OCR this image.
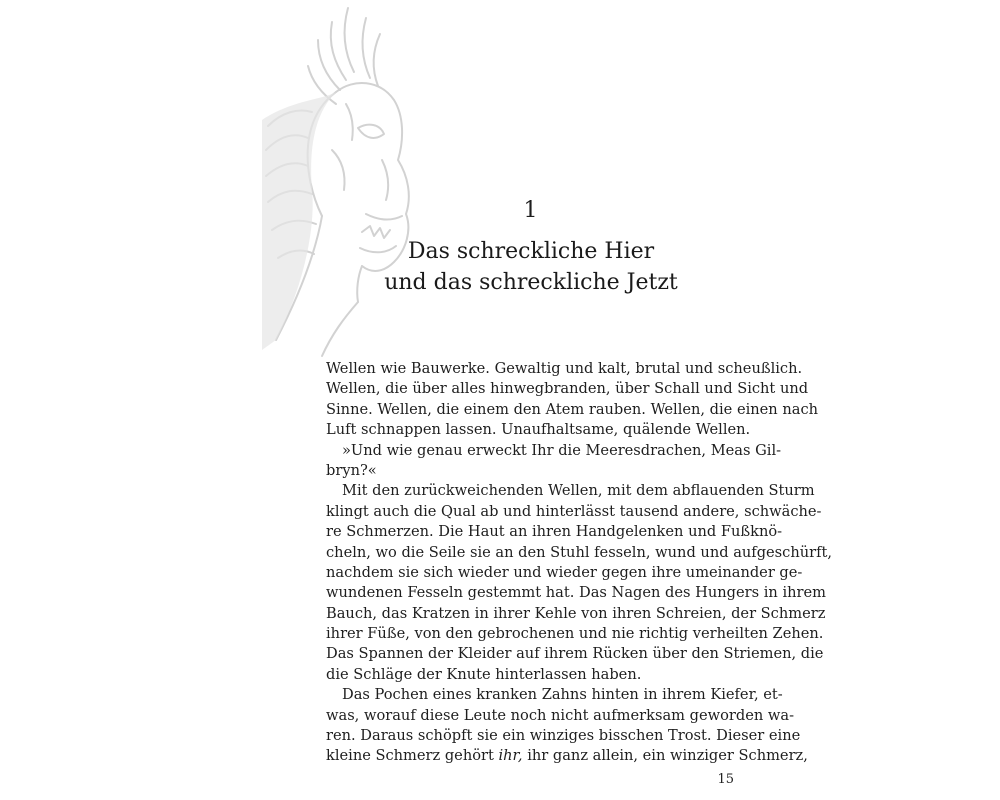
1
Das schreckliche Hier
und das schreckliche Jetzt
Wellen wie Bauwerke. Gewaltig und kalt, brutal und scheußlich.
Wellen, die über alles hinwegbranden, über Schall und Sicht und
Sinne. Wellen, die einem den Atem rauben. Wellen, die einen nach
Luft schnappen lassen. Unaufhaltsame, quälende Wellen.
»Und wie genau erweckt Ihr die Meeresdrachen, Meas Gil-
bryn?«
Mit den zurückweichenden Wellen, mit dem abflauenden Sturm
klingt auch die Qual ab und hinterlässt tausend andere, schwäche-
re Schmerzen. Die Haut an ihren Handgelenken und Fußknö-
cheln, wo die Seile sie an den Stuhl fesseln, wund und aufgeschürft,
nachdem sie sich wieder und wieder gegen ihre umeinander ge-
wundenen Fesseln gestemmt hat. Das Nagen des Hungers in ihrem
Bauch, das Kratzen in ihrer Kehle von ihren Schreien, der Schmerz
ihrer Füße, von den gebrochenen und nie richtig verheilten Zehen.
Das Spannen der Kleider auf ihrem Rücken über den Striemen, die
die Schläge der Knute hinterlassen haben.
Das Pochen eines kranken Zahns hinten in ihrem Kiefer, et-
was, worauf diese Leute noch nicht aufmerksam geworden wa-
ren. Daraus schöpft sie ein winziges bisschen Trost. Dieser eine
kleine Schmerz gehört ihr, ihr ganz allein, ein winziger Schmerz,
15
